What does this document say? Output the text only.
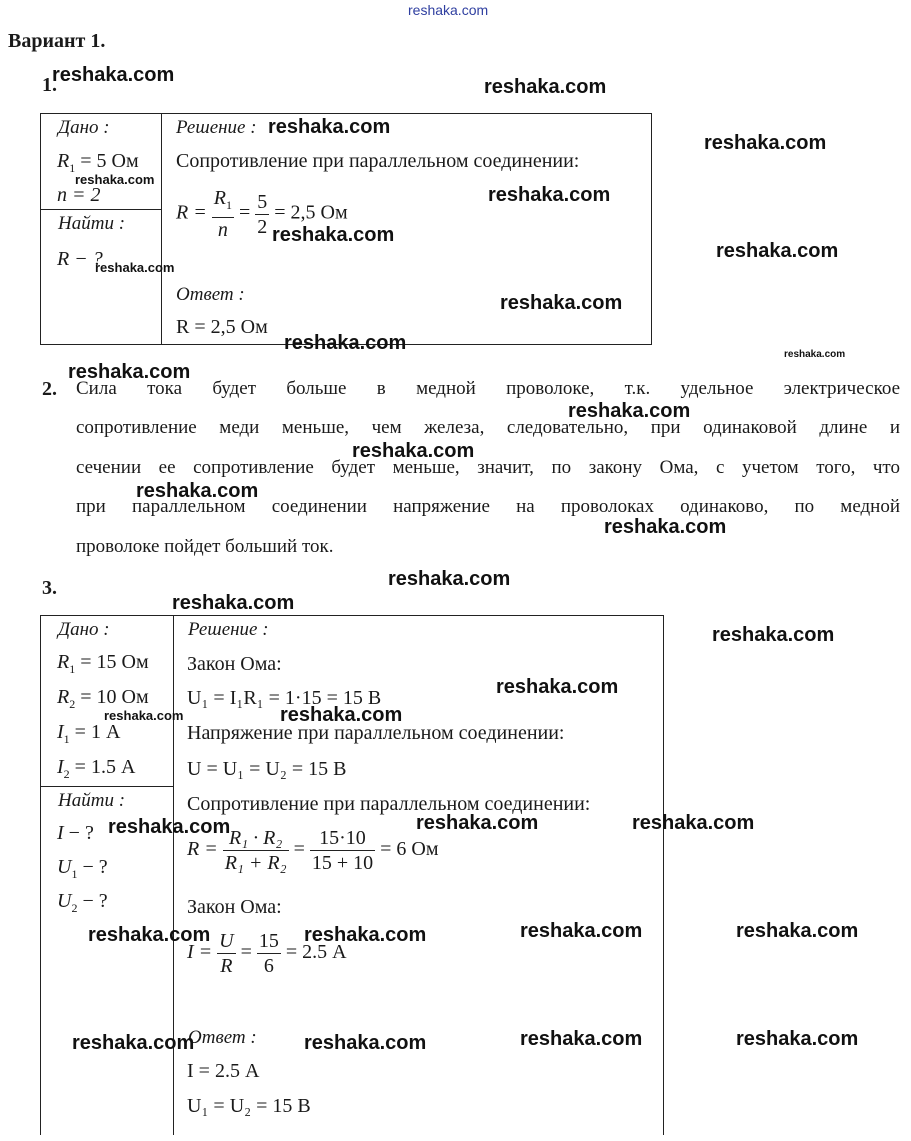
reshaka.com
Вариант 1.
1.
Дано :
$R_1 = 5$ Ом
n = 2
Найти :
R − ?
Решение :
Сопротивление при параллельном соединении:
$R = \frac{R_1}{n} = \frac{5}{2} = 2,5$ Ом
Ответ :
R = 2,5 Ом
2. Сила тока будет больше в медной проволоке, т.к. удельное электрическое
сопротивление меди меньше, чем железа, следовательно, при одинаковой длине и
сечении ее сопротивление будет меньше, значит, по закону Ома, с учетом того, что
при параллельном соединении напряжение на проволоках одинаково, по медной
проволоке пойдет больший ток.
3.
Дано :
$R_1 = 15$ Ом
$R_2 = 10$ Ом
$I_1 = 1$ А
$I_2 = 1.5$ А
Найти :
I − ?
$U_1$ − ?
$U_2$ − ?
Решение :
Закон Ома:
U₁ = I₁R₁ = 1·15 = 15 В
Напряжение при параллельном соединении:
U = U₁ = U₂ = 15 В
Сопротивление при параллельном соединении:
$R = \frac{\text{R₁ · R₂}}{\text{R₁ + R₂}} = \frac{15\cdot 10}{15 + 10} = 6$ Ом
Закон Ома:
$I = \frac{U}{R} = \frac{15}{6} = 2.5$ А
Ответ :
I = 2.5 А
U₁ = U₂ = 15 В
reshaka.com
reshaka.com
reshaka.com
reshaka.com
reshaka.com
reshaka.com
reshaka.com
reshaka.com
reshaka.com
reshaka.com
reshaka.com
reshaka.com
reshaka.com
reshaka.com
reshaka.com
reshaka.com
reshaka.com
reshaka.com
reshaka.com
reshaka.com
reshaka.com
reshaka.com
reshaka.com
reshaka.com	reshaka.com	reshaka.com
reshaka.com	reshaka.com	reshaka.com	reshaka.com
reshaka.com	reshaka.com	reshaka.com	reshaka.com
